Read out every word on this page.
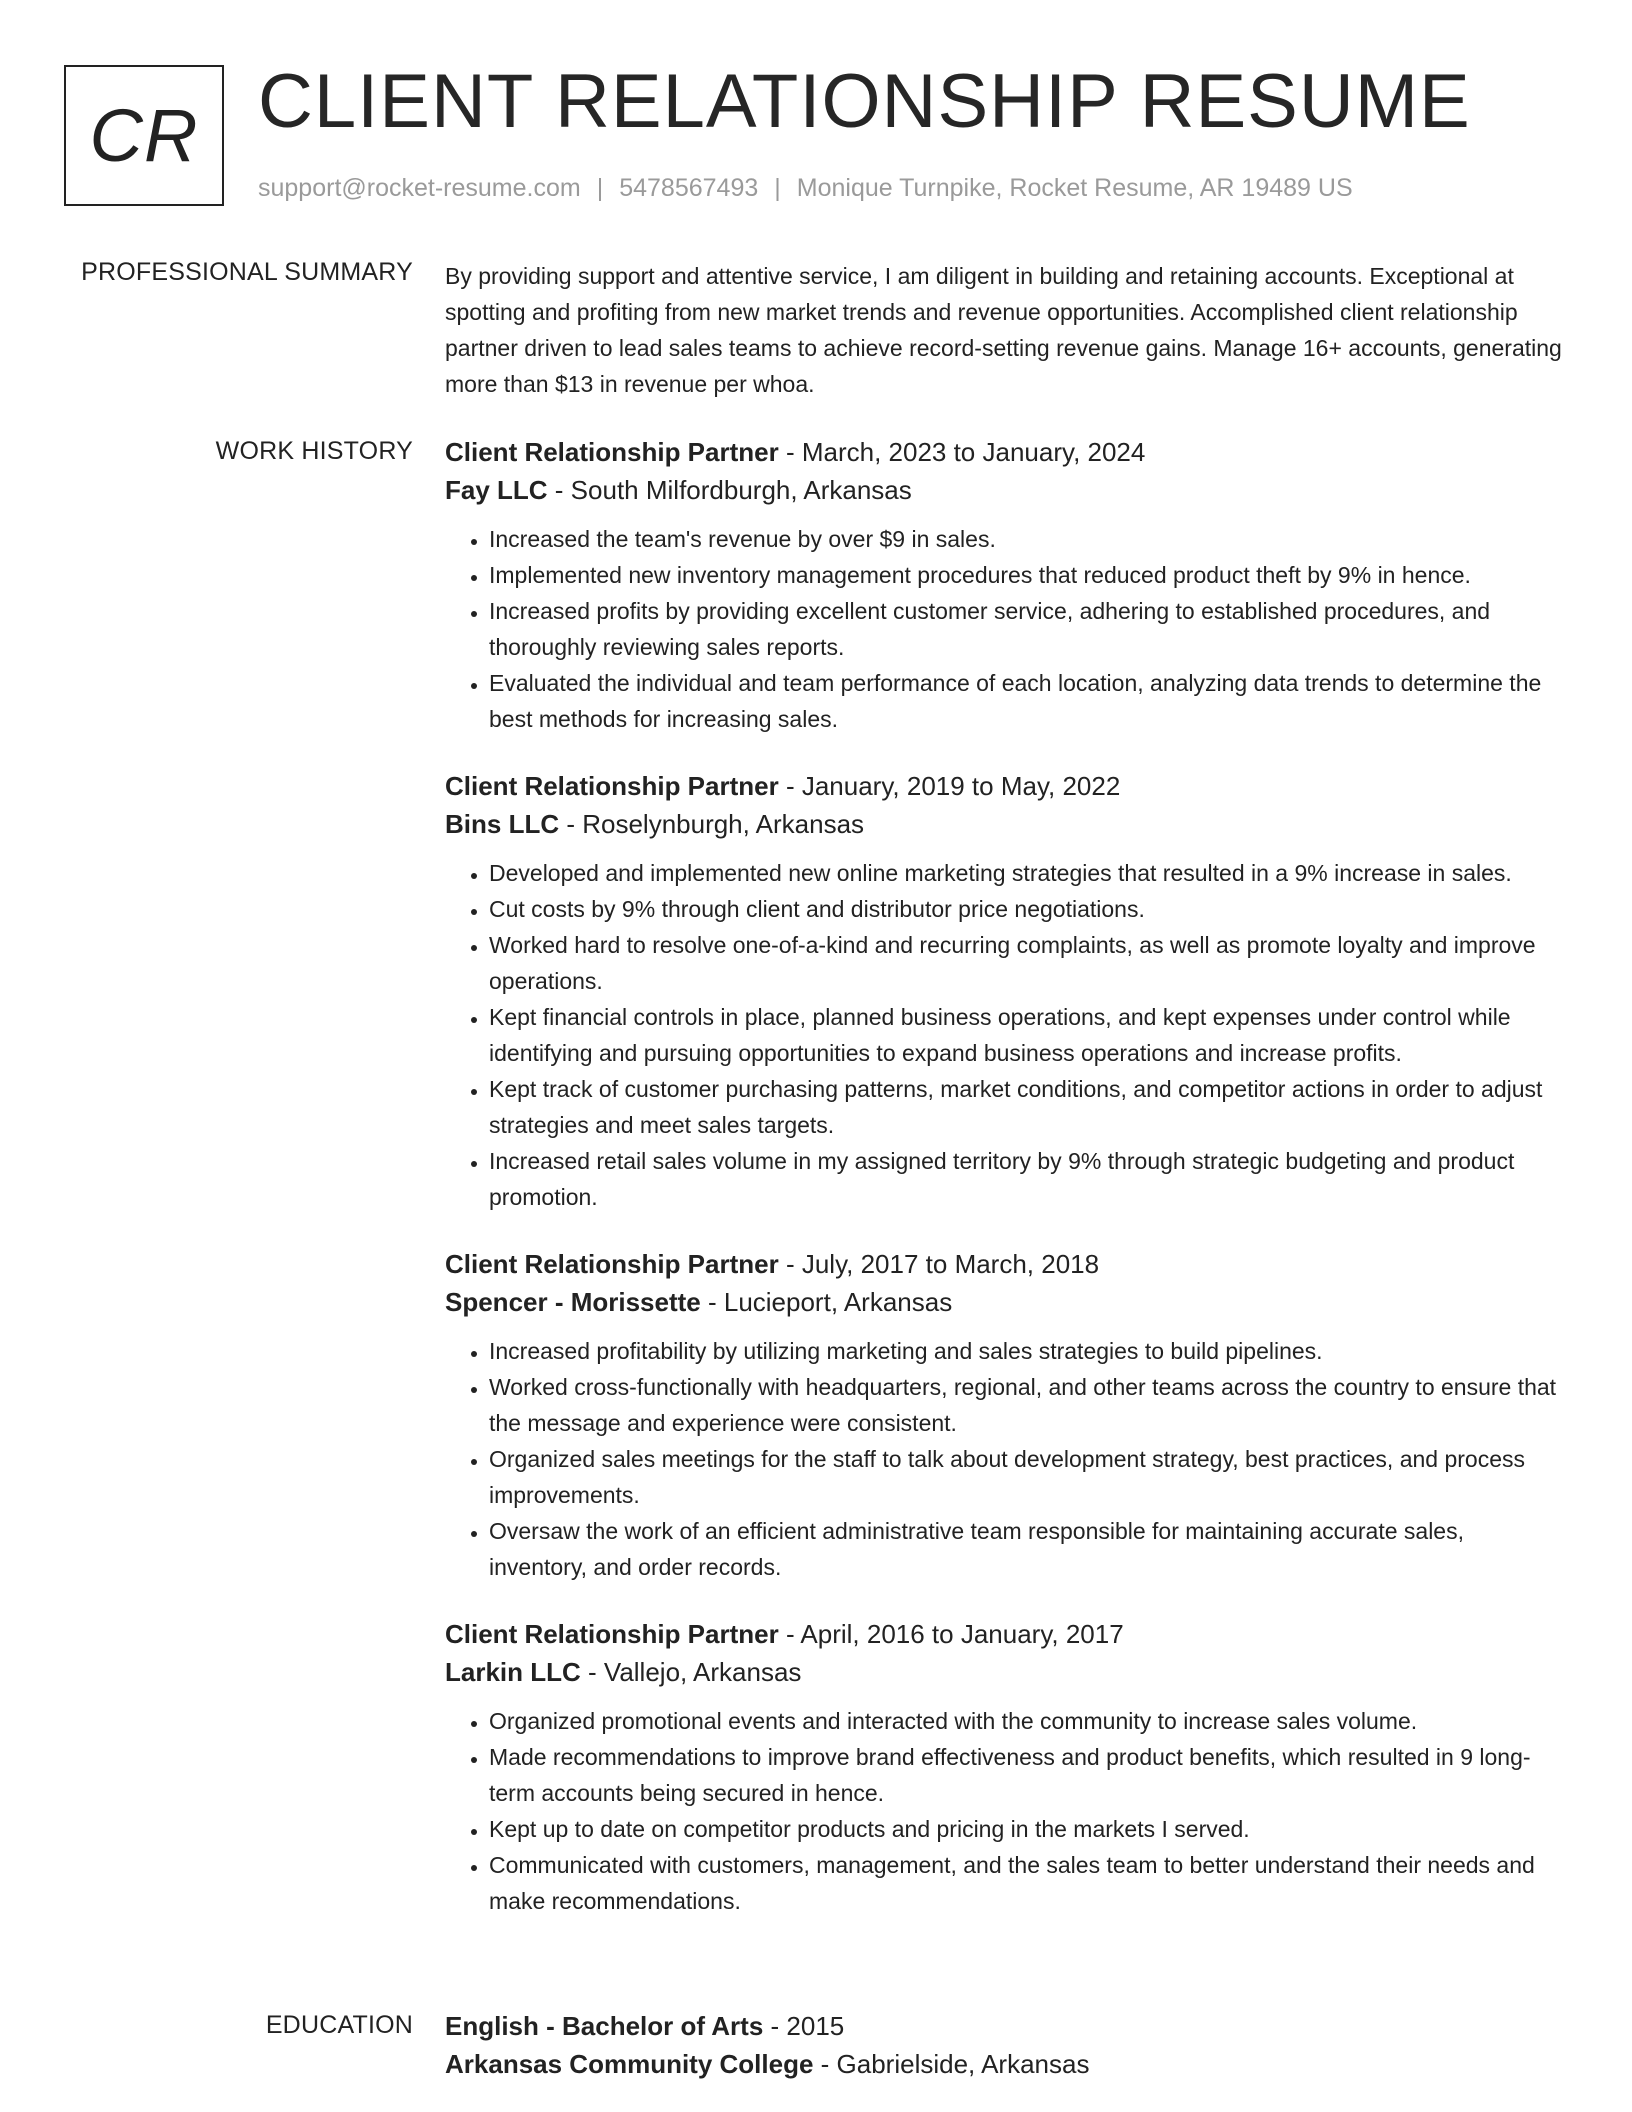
CR CLIENT RELATIONSHIP RESUME
support@rocket-resume.com | 5478567493 | Monique Turnpike, Rocket Resume, AR 19489 US
PROFESSIONAL SUMMARY By providing support and attentive service, I am diligent in building and retaining accounts. Exceptional at spotting and profiting from new market trends and revenue opportunities. Accomplished client relationship partner driven to lead sales teams to achieve record-setting revenue gains. Manage 16+ accounts, generating more than $13 in revenue per whoa.

WORK HISTORY Client Relationship Partner - March, 2023 to January, 2024
Fay LLC - South Milfordburgh, Arkansas
• Increased the team's revenue by over $9 in sales.
• Implemented new inventory management procedures that reduced product theft by 9% in hence.
• Increased profits by providing excellent customer service, adhering to established procedures, and thoroughly reviewing sales reports.
• Evaluated the individual and team performance of each location, analyzing data trends to determine the best methods for increasing sales.
Client Relationship Partner - January, 2019 to May, 2022
Bins LLC - Roselynburgh, Arkansas
• Developed and implemented new online marketing strategies that resulted in a 9% increase in sales.
• Cut costs by 9% through client and distributor price negotiations.
• Worked hard to resolve one-of-a-kind and recurring complaints, as well as promote loyalty and improve operations.
• Kept financial controls in place, planned business operations, and kept expenses under control while identifying and pursuing opportunities to expand business operations and increase profits.
• Kept track of customer purchasing patterns, market conditions, and competitor actions in order to adjust strategies and meet sales targets.
• Increased retail sales volume in my assigned territory by 9% through strategic budgeting and product promotion.
Client Relationship Partner - July, 2017 to March, 2018
Spencer - Morissette - Lucieport, Arkansas
• Increased profitability by utilizing marketing and sales strategies to build pipelines.
• Worked cross-functionally with headquarters, regional, and other teams across the country to ensure that the message and experience were consistent.
• Organized sales meetings for the staff to talk about development strategy, best practices, and process improvements.
• Oversaw the work of an efficient administrative team responsible for maintaining accurate sales, inventory, and order records.
Client Relationship Partner - April, 2016 to January, 2017
Larkin LLC - Vallejo, Arkansas
• Organized promotional events and interacted with the community to increase sales volume.
• Made recommendations to improve brand effectiveness and product benefits, which resulted in 9 long-term accounts being secured in hence.
• Kept up to date on competitor products and pricing in the markets I served.
• Communicated with customers, management, and the sales team to better understand their needs and make recommendations.
EDUCATION English - Bachelor of Arts - 2015
Arkansas Community College - Gabrielside, Arkansas
